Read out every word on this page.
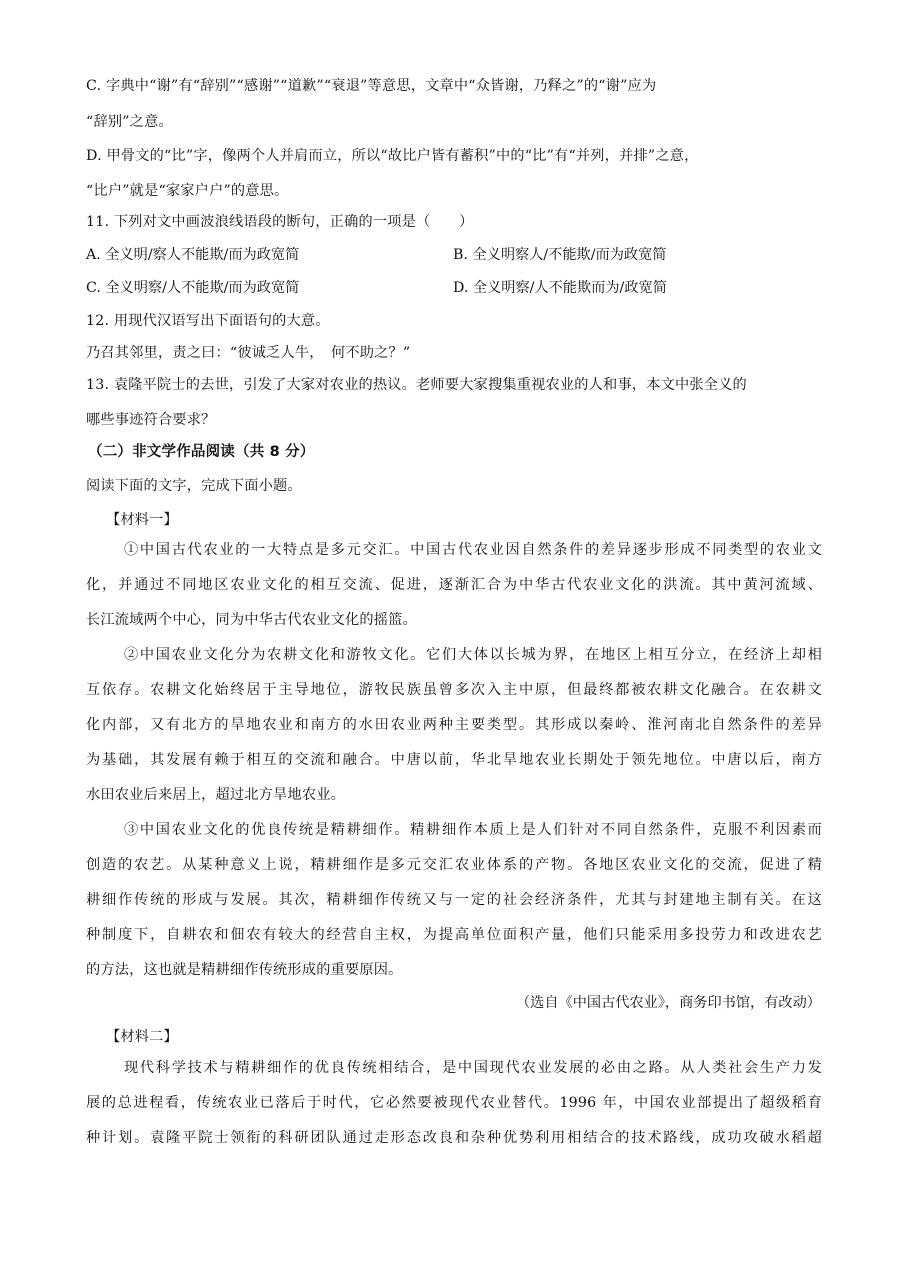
C. 字典中“谢”有“辞别”“感谢”“道歉”“衰退”等意思，文章中“众皆谢，乃释之”的“谢”应为
“辞别”之意。
D. 甲骨文的“比”字，像两个人并肩而立，所以“故比户皆有蓄积”中的“比”有“并列，并排”之意，
“比户”就是“家家户户”的意思。
11. 下列对文中画波浪线语段的断句，正确的一项是（　　）
A. 全义明/察人不能欺/而为政宽简	B. 全义明察人/不能欺/而为政宽简
C. 全义明察/人不能欺/而为政宽简	D. 全义明察/人不能欺而为/政宽简
12. 用现代汉语写出下面语句的大意。
乃召其邻里，责之曰：“彼诚乏人牛，　何不助之？”
13. 袁隆平院士的去世，引发了大家对农业的热议。老师要大家搜集重视农业的人和事，本文中张全义的
哪些事迹符合要求？
（二）非文学作品阅读（共 8 分）
阅读下面的文字，完成下面小题。
【材料一】
①中国古代农业的一大特点是多元交汇。中国古代农业因自然条件的差异逐步形成不同类型的农业文
化，并通过不同地区农业文化的相互交流、促进，逐渐汇合为中华古代农业文化的洪流。其中黄河流域、
长江流域两个中心，同为中华古代农业文化的摇篮。
②中国农业文化分为农耕文化和游牧文化。它们大体以长城为界，在地区上相互分立，在经济上却相
互依存。农耕文化始终居于主导地位，游牧民族虽曾多次入主中原，但最终都被农耕文化融合。在农耕文
化内部，又有北方的旱地农业和南方的水田农业两种主要类型。其形成以秦岭、淮河南北自然条件的差异
为基础，其发展有赖于相互的交流和融合。中唐以前，华北旱地农业长期处于领先地位。中唐以后，南方
水田农业后来居上，超过北方旱地农业。
③中国农业文化的优良传统是精耕细作。精耕细作本质上是人们针对不同自然条件，克服不利因素而
创造的农艺。从某种意义上说，精耕细作是多元交汇农业体系的产物。各地区农业文化的交流，促进了精
耕细作传统的形成与发展。其次，精耕细作传统又与一定的社会经济条件，尤其与封建地主制有关。在这
种制度下，自耕农和佃农有较大的经营自主权，为提高单位面积产量，他们只能采用多投劳力和改进农艺
的方法，这也就是精耕细作传统形成的重要原因。
（选自《中国古代农业》，商务印书馆，有改动）
【材料二】
现代科学技术与精耕细作的优良传统相结合，是中国现代农业发展的必由之路。从人类社会生产力发
展的总进程看，传统农业已落后于时代，它必然要被现代农业替代。1996 年，中国农业部提出了超级稻育
种计划。袁隆平院士领衔的科研团队通过走形态改良和杂种优势利用相结合的技术路线，成功攻破水稻超
